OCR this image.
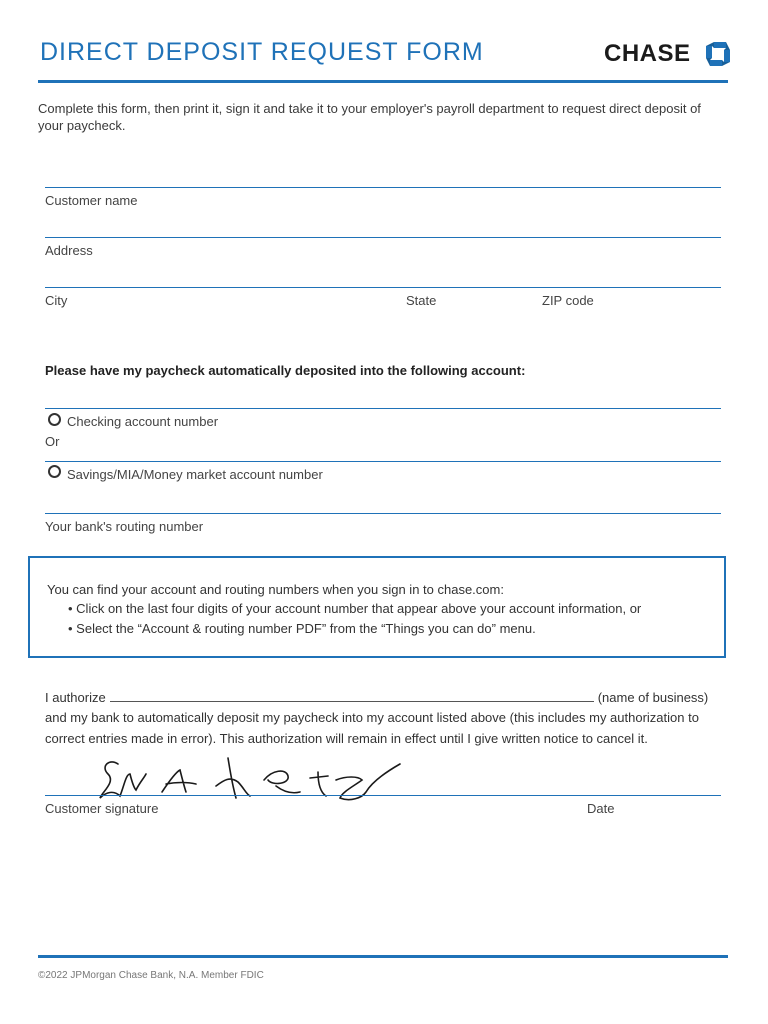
DIRECT DEPOSIT REQUEST FORM	CHASE
Complete this form, then print it, sign it and take it to your employer's payroll department to request direct deposit of your paycheck.
Customer name
Address
City	State	ZIP code
Please have my paycheck automatically deposited into the following account:
Checking account number
Or
Savings/MIA/Money market account number
Your bank's routing number
You can find your account and routing numbers when you sign in to chase.com:
• Click on the last four digits of your account number that appear above your account information, or
• Select the “Account & routing number PDF” from the “Things you can do” menu.
I authorize	(name of business)
and my bank to automatically deposit my paycheck into my account listed above (this includes my authorization to
correct entries made in error). This authorization will remain in effect until I give written notice to cancel it.
Customer signature	Date
©2022 JPMorgan Chase Bank, N.A. Member FDIC
